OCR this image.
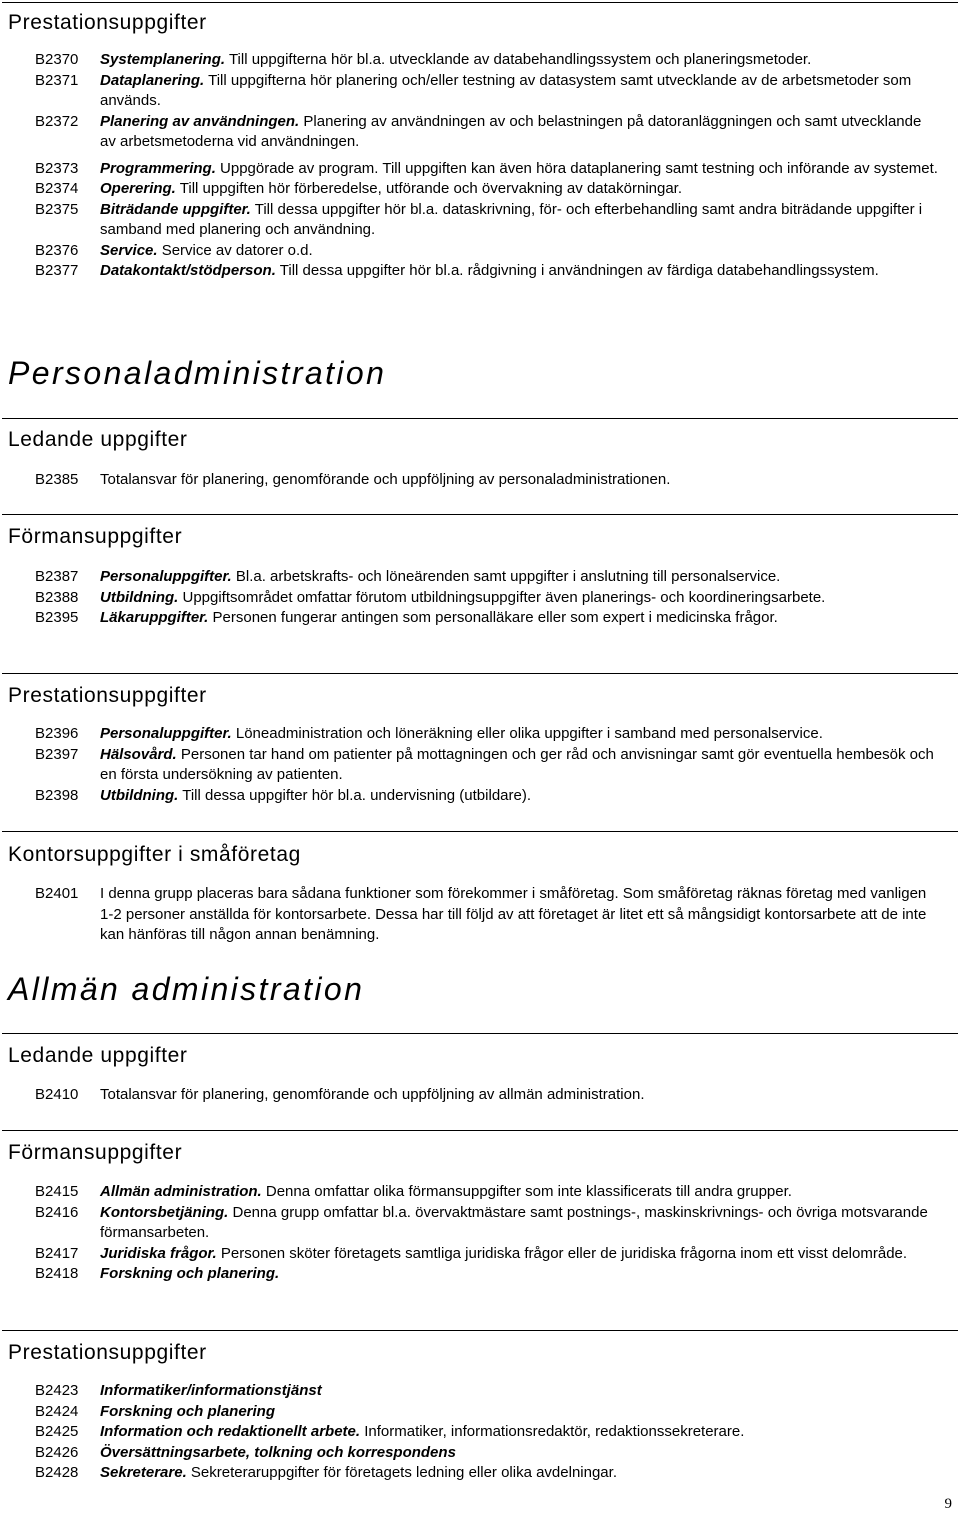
Prestationsuppgifter
B2370	Systemplanering. Till uppgifterna hör bl.a. utvecklande av databehandlingssystem och planeringsmetoder.
B2371	Dataplanering. Till uppgifterna hör planering och/eller testning av datasystem samt utvecklande av de arbetsmetoder som används.
B2372	Planering av användningen. Planering av användningen av och belastningen på datoranläggningen och samt utvecklande av arbetsmetoderna vid användningen.
B2373	Programmering. Uppgörade av program. Till uppgiften kan även höra dataplanering samt testning och införande av systemet.
B2374	Operering. Till uppgiften hör förberedelse, utförande och övervakning av datakörningar.
B2375	Biträdande uppgifter. Till dessa uppgifter hör bl.a. dataskrivning, för- och efterbehandling samt andra biträdande uppgifter i samband med planering och användning.
B2376	Service. Service av datorer o.d.
B2377	Datakontakt/stödperson. Till dessa uppgifter hör bl.a. rådgivning i användningen av färdiga databehandlingssystem.
Personaladministration
Ledande uppgifter
B2385	Totalansvar för planering, genomförande och uppföljning av personaladministrationen.
Förmansuppgifter
B2387	Personaluppgifter. Bl.a. arbetskrafts- och löneärenden samt uppgifter i anslutning till personalservice.
B2388	Utbildning. Uppgiftsområdet omfattar förutom utbildningsuppgifter även planerings- och koordineringsarbete.
B2395	Läkaruppgifter. Personen fungerar antingen som personalläkare eller som expert i medicinska frågor.
Prestationsuppgifter
B2396	Personaluppgifter. Löneadministration och löneräkning eller olika uppgifter i samband med personalservice.
B2397	Hälsovård. Personen tar hand om patienter på mottagningen och ger råd och anvisningar samt gör eventuella hembesök och en första undersökning av patienten.
B2398	Utbildning. Till dessa uppgifter hör bl.a. undervisning (utbildare).
Kontorsuppgifter i småföretag
B2401	I denna grupp placeras bara sådana funktioner som förekommer i småföretag. Som småföretag räknas företag med vanligen 1-2 personer anställda för kontorsarbete. Dessa har till följd av att företaget är litet ett så mångsidigt kontorsarbete att de inte kan hänföras till någon annan benämning.
Allmän administration
Ledande uppgifter
B2410	Totalansvar för planering, genomförande och uppföljning av allmän administration.
Förmansuppgifter
B2415	Allmän administration. Denna omfattar olika förmansuppgifter som inte klassificerats till andra grupper.
B2416	Kontorsbetjäning. Denna grupp omfattar bl.a. övervaktmästare samt postnings-, maskinskrivnings- och övriga motsvarande förmansarbeten.
B2417	Juridiska frågor. Personen sköter företagets samtliga juridiska frågor eller de juridiska frågorna inom ett visst delområde.
B2418	Forskning och planering.
Prestationsuppgifter
B2423	Informatiker/informationstjänst
B2424	Forskning och planering
B2425	Information och redaktionellt arbete. Informatiker, informationsredaktör, redaktionssekreterare.
B2426	Översättningsarbete, tolkning och korrespondens
B2428	Sekreterare. Sekreteraruppgifter för företagets ledning eller olika avdelningar.
9
